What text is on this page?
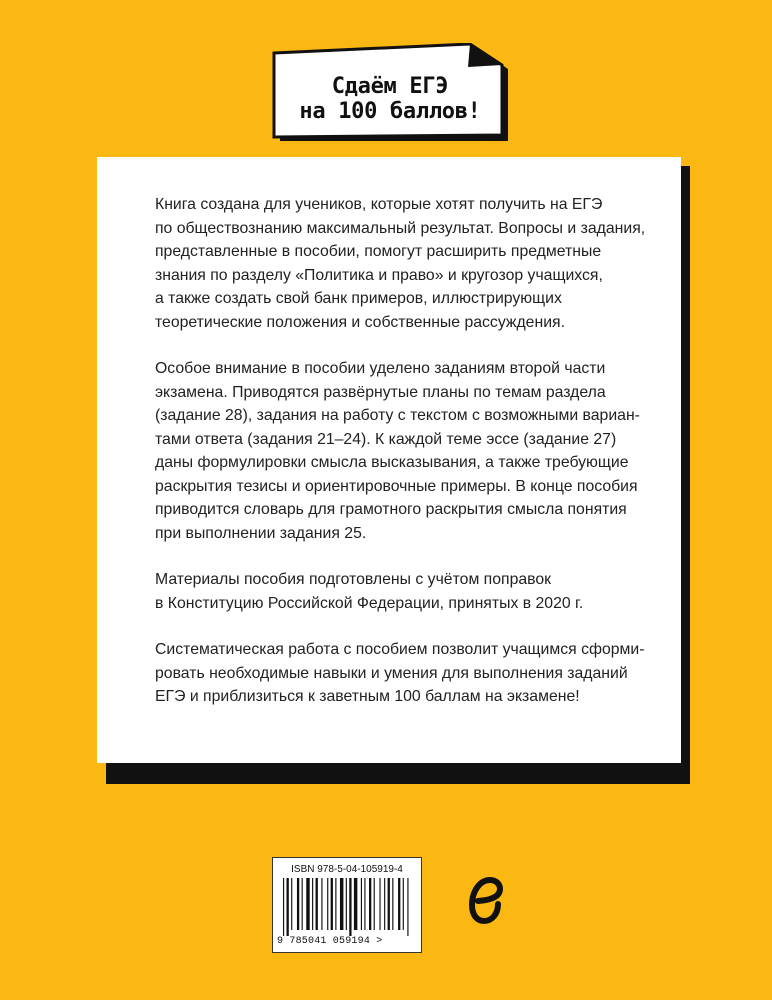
Сдаём ЕГЭ
на 100 баллов!
Книга создана для учеников, которые хотят получить на ЕГЭ
по обществознанию максимальный результат. Вопросы и задания,
представленные в пособии, помогут расширить предметные
знания по разделу «Политика и право» и кругозор учащихся,
а также создать свой банк примеров, иллюстрирующих
теоретические положения и собственные рассуждения.
Особое внимание в пособии уделено заданиям второй части
экзамена. Приводятся развёрнутые планы по темам раздела
(задание 28), задания на работу с текстом с возможными вариан-
тами ответа (задания 21–24). К каждой теме эссе (задание 27)
даны формулировки смысла высказывания, а также требующие
раскрытия тезисы и ориентировочные примеры. В конце пособия
приводится словарь для грамотного раскрытия смысла понятия
при выполнении задания 25.
Материалы пособия подготовлены с учётом поправок
в Конституцию Российской Федерации, принятых в 2020 г.
Систематическая работа с пособием позволит учащимся сформи-
ровать необходимые навыки и умения для выполнения заданий
ЕГЭ и приблизиться к заветным 100 баллам на экзамене!
ISBN 978-5-04-105919-4
9 785041 059194 >
